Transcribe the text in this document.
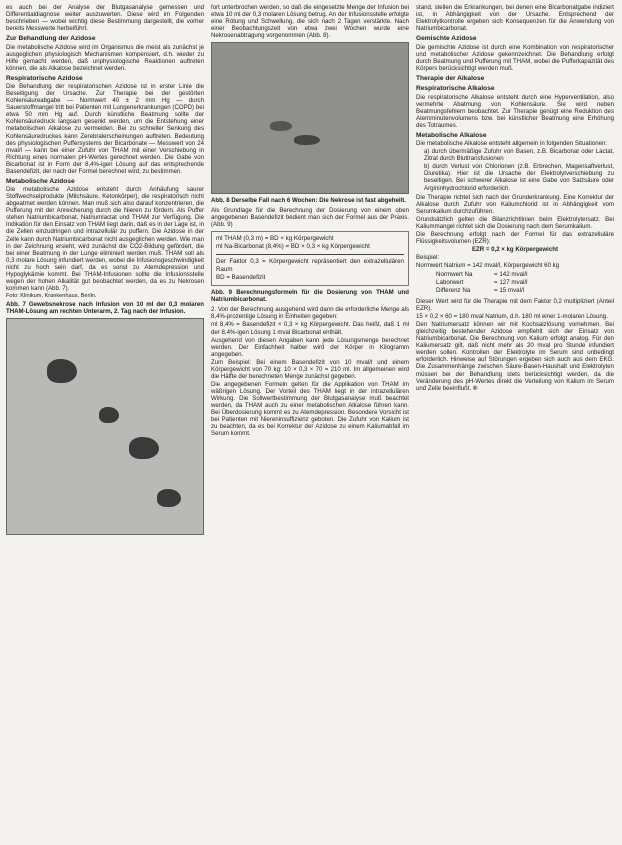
es auch bei der Analyse der Blutgasanalyse gemessen und Differentialdiagnose weiter auszuwerten. Diese wird im Folgenden beschrieben — wobei wichtig diese Bestimmung dargestellt, die vorher bereits Messwerte herbeiführt.

Zur Behandlung der Azidose

Die metabolische Azidose wird im Organismus die meist als zunächst je ausgeglichen physiologisch Mechanismen kompensiert, d.h. wieder zu Hilfe gemacht werden, daß unphysiologische Reaktionen auftreten können, die als Alkalose bezeichnet werden.

Respiratorische Azidose

Die Behandlung der respiratorischen Azidose ist in erster Linie die Beseitigung der Ursache. Zur Therapie bei der gestörten Kohlensäureabgabe — Normwert 40 ± 2 mm Hg — durch Sauerstoffmangel tritt bei Patienten mit Lungenerkrankungen (COPD) bei etwa 50 mm Hg auf. Durch künstliche Beatmung sollte der Kohlensäuredruck langsam gesenkt werden, um die Entstehung einer metabolischen Alkalose zu vermeiden. Bei zu schneller Senkung des Kohlensäuredruckes kann Zerebralerscheinungen auftreten. Bedeutung des physiologischen Puffersystems der Bicarbonate — Messwert von 24 mval/l — kann bei einer Zufuhr von THAM mit einer Verschiebung in Richtung eines normalen pH-Wertes gerechnet werden. Die Gabe von Bicarbonat ist in Form der 8,4%-igen Lösung auf das entsprechende Basendefizit, der nach der Formel berechnet wird, zu bestimmen.

Metabolische Azidose

Die metabolische Azidose entsteht durch Anhäufung saurer Stoffwechselprodukte (Milchsäure, Ketonkörper), die respiratorisch nicht abgeatmet werden können. Man muß sich also darauf konzentrieren, die Pufferung mit der Anreicherung durch die Nieren zu fördern. Als Puffer stehen Natriumbicarbonat, Natriumlactat und THAM zur Verfügung. Die Indikation für den Einsatz von THAM liegt darin, daß es in der Lage ist, in die Zellen einzudringen und intrazellulär zu puffern. Die Azidose in der Zelle kann durch Natriumbicarbonat nicht ausgeglichen werden. Wie man in der Zeichnung ersieht, wird zunächst die CO2-Bildung gefördert, die bei einer Beatmung in der Lunge eliminiert werden muß. THAM soll als 0,3 molare Lösung infundiert werden, wobei die Infusionsgeschwindigkeit nicht zu hoch sein darf, da es sonst zu Atemdepression und Hypoglykämie kommt. Bei THAM-Infusionen sollte die Infusionsstelle wegen der hohen Alkalität gut beobachtet werden, da es zu Nekrosen kommen kann (Abb. 7).

Foto: Klinikum, Krankenhaus, Berlin.

Abb. 7 Gewebsnekrose nach Infusion von 10 ml der 0,3 molaren THAM-Lösung am rechten Unterarm, 2. Tag nach der Infusion.

fort unterbrochen werden, so daß die eingesetzte Menge der Infusion bei etwa 10 ml der 0,3 molaren Lösung betrug. An der Infusionsstelle erfolgte eine Rötung und Schwellung, die sich nach 2 Tagen verstärkte. Nach einer Beobachtungszeit von etwa zwei Wochen wurde eine Nekrosenabtragung vorgenommen (Abb. 8).

Abb. 8 Derselbe Fall nach 6 Wochen: Die Nekrose ist fast abgeheilt.

Als Grundlage für die Berechnung der Dosierung von einem oben angegebenen Basendefizit bedient man sich der Formel aus der Praxis. (Abb. 9)

ml THAM (0,3 m) = BD × kg Körpergewicht
ml Na-Bicarbonat (8,4%) = BD × 0,3 × kg Körpergewicht
Der Faktor 0,3 = Körpergewicht repräsentiert den extrazellulären Raum
BD = Basendefizit
Abb. 9 Berechnungsformeln für die Dosierung von THAM und Natriumbicarbonat.

2. Von der Berechnung ausgehend wird dann die erforderliche Menge als 8,4%-prozentige Lösung in Einheiten gegeben:

ml 8,4% = Basendefizit × 0,3 × kg Körpergewicht. Das heißt, daß 1 ml der 8,4%-igen Lösung 1 mval Bicarbonat enthält.

Ausgehend von diesen Angaben kann jede Lösungsmenge berechnet werden. Der Einfachheit halber wird der Körper in Kilogramm angegeben.

Zum Beispiel: Bei einem Basendefizit von 10 mval/l und einem Körpergewicht von 70 kg: 10 × 0,3 × 70 = 210 ml. Im allgemeinen wird die Hälfte der berechneten Menge zunächst gegeben.

Die angegebenen Formeln gelten für die Applikation von THAM im wäßrigen Lösung. Der Vorteil des THAM liegt in der intrazellulären Wirkung. Die Sollwertbestimmung der Blutgasanalyse muß beachtet werden, da THAM auch zu einer metabolischen Alkalose führen kann. Bei Überdosierung kommt es zu Atemdepression. Besondere Vorsicht ist bei Patienten mit Niereninsuffizienz geboten. Die Zufuhr von Kalium ist zu beachten, da es bei Korrektur der Azidose zu einem Kaliumabfall im Serum kommt.

stand, stellen die Erkrankungen, bei denen eine Bicarbonatgabe indiziert ist, in Abhängigkeit von der Ursache. Entsprechend der Elektrolytkontrolle ergeben sich Konsequenzen für die Anwendung von Natriumbicarbonat.

Gemischte Azidose

Die gemischte Azidose ist durch eine Kombination von respiratorischer und metabolischer Azidose gekennzeichnet. Die Behandlung erfolgt durch Beatmung und Pufferung mit THAM, wobei die Pufferkapazität des Körpers berücksichtigt werden muß.

Therapie der Alkalose
Respiratorische Alkalose

Die respiratorische Alkalose entsteht durch eine Hyperventilation, also vermehrte Abatmung von Kohlensäure. Sie wird neben Beatmungsfehlern beobachtet. Zur Therapie genügt eine Reduktion des Atemminutenvolumens bzw. bei künstlicher Beatmung eine Erhöhung des Totraumes.

Metabolische Alkalose

Die metabolische Alkalose entsteht allgemein in folgenden Situationen:

a) durch übermäßige Zufuhr von Basen, z.B. Bicarbonat oder Lactat, Zitrat durch Bluttransfusionen
b) durch Verlust von Chlorionen (z.B. Erbrechen, Magensaftverlust, Diuretika). Hier ist die Ursache der Elektrolytverschiebung zu beseitigen. Bei schwerer Alkalose ist eine Gabe von Salzsäure oder Argininhydrochlorid erforderlich.

Die Therapie richtet sich nach der Grunderkrankung. Eine Korrektur der Alkalose durch Zufuhr von Kaliumchlorid ist in Abhängigkeit vom Serumkalium durchzuführen.

Grundsätzlich gelten die Bilanzrichtlinien beim Elektrolytersatz. Bei Kaliummangel richtet sich die Dosierung nach dem Serumkalium.

Die Berechnung erfolgt nach der Formel für das extrazelluläre Flüssigkeitsvolumen (EZR):

EZR = 0,2 × kg Körpergewicht

Beispiel:

Normwert Natrium = 142 mval/l, Körpergewicht 60 kg

Normwert Na	= 142 mval/l
Laborwert	= 127 mval/l
Differenz Na	= 15 mval/l

Dieser Wert wird für die Therapie mit dem Faktor 0,2 multipliziert (Anteil EZR).

15 × 0,2 × 60 = 180 mval Natrium, d.h. 180 ml einer 1-molaren Lösung.

Den Natriumersatz können wir mit Kochsalzlösung vornehmen. Bei gleichzeitig bestehender Azidose empfiehlt sich der Einsatz von Natriumbicarbonat. Die Berechnung von Kalium erfolgt analog. Für den Kaliumersatz gilt, daß nicht mehr als 20 mval pro Stunde infundiert werden sollen. Kontrollen der Elektrolyte im Serum sind unbedingt erforderlich. Hinweise auf Störungen ergeben sich auch aus dem EKG. Die Zusammenhänge zwischen Säure-Basen-Haushalt und Elektrolyten müssen bei der Behandlung stets berücksichtigt werden, da die Veränderung des pH-Wertes direkt die Verteilung von Kalium im Serum und Zelle beeinflußt. ®
